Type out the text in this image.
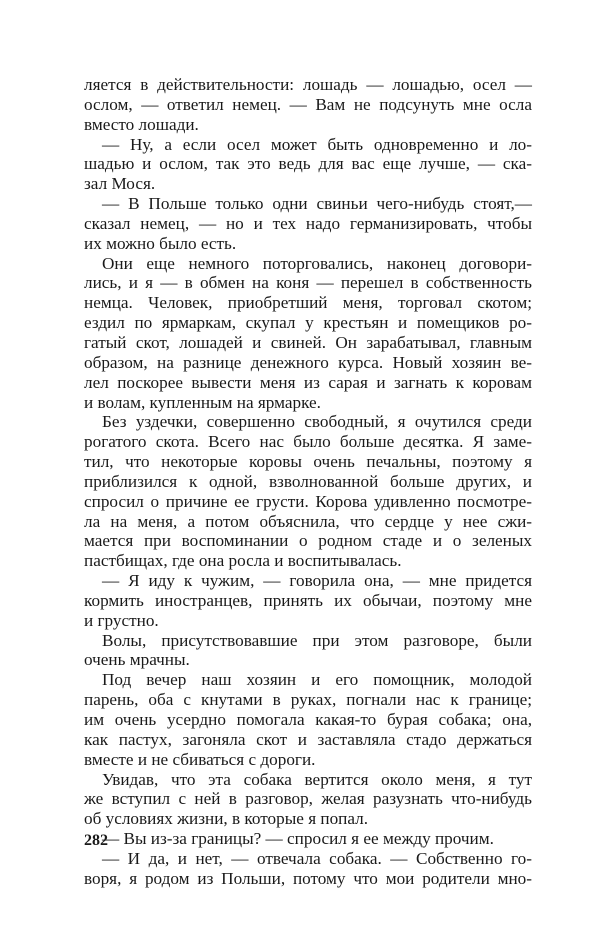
ляется в действительности: лошадь — лошадью, осел —
ослом, — ответил немец. — Вам не подсунуть мне осла
вместо лошади.
— Ну, а если осел может быть одновременно и ло-
шадью и ослом, так это ведь для вас еще лучше, — ска-
зал Мося.
— В Польше только одни свиньи чего-нибудь стоят,—
сказал немец, — но и тех надо германизировать, чтобы
их можно было есть.
Они еще немного поторговались, наконец договори-
лись, и я — в обмен на коня — перешел в собственность
немца. Человек, приобретший меня, торговал скотом;
ездил по ярмаркам, скупал у крестьян и помещиков ро-
гатый скот, лошадей и свиней. Он зарабатывал, главным
образом, на разнице денежного курса. Новый хозяин ве-
лел поскорее вывести меня из сарая и загнать к коровам
и волам, купленным на ярмарке.
Без уздечки, совершенно свободный, я очутился среди
рогатого скота. Всего нас было больше десятка. Я заме-
тил, что некоторые коровы очень печальны, поэтому я
приблизился к одной, взволнованной больше других, и
спросил о причине ее грусти. Корова удивленно посмотре-
ла на меня, а потом объяснила, что сердце у нее сжи-
мается при воспоминании о родном стаде и о зеленых
пастбищах, где она росла и воспитывалась.
— Я иду к чужим, — говорила она, — мне придется
кормить иностранцев, принять их обычаи, поэтому мне
и грустно.
Волы, присутствовавшие при этом разговоре, были
очень мрачны.
Под вечер наш хозяин и его помощник, молодой
парень, оба с кнутами в руках, погнали нас к границе;
им очень усердно помогала какая-то бурая собака; она,
как пастух, загоняла скот и заставляла стадо держаться
вместе и не сбиваться с дороги.
Увидав, что эта собака вертится около меня, я тут
же вступил с ней в разговор, желая разузнать что-нибудь
об условиях жизни, в которые я попал.
— Вы из-за границы? — спросил я ее между прочим.
— И да, и нет, — отвечала собака. — Собственно го-
воря, я родом из Польши, потому что мои родители мно-
282
